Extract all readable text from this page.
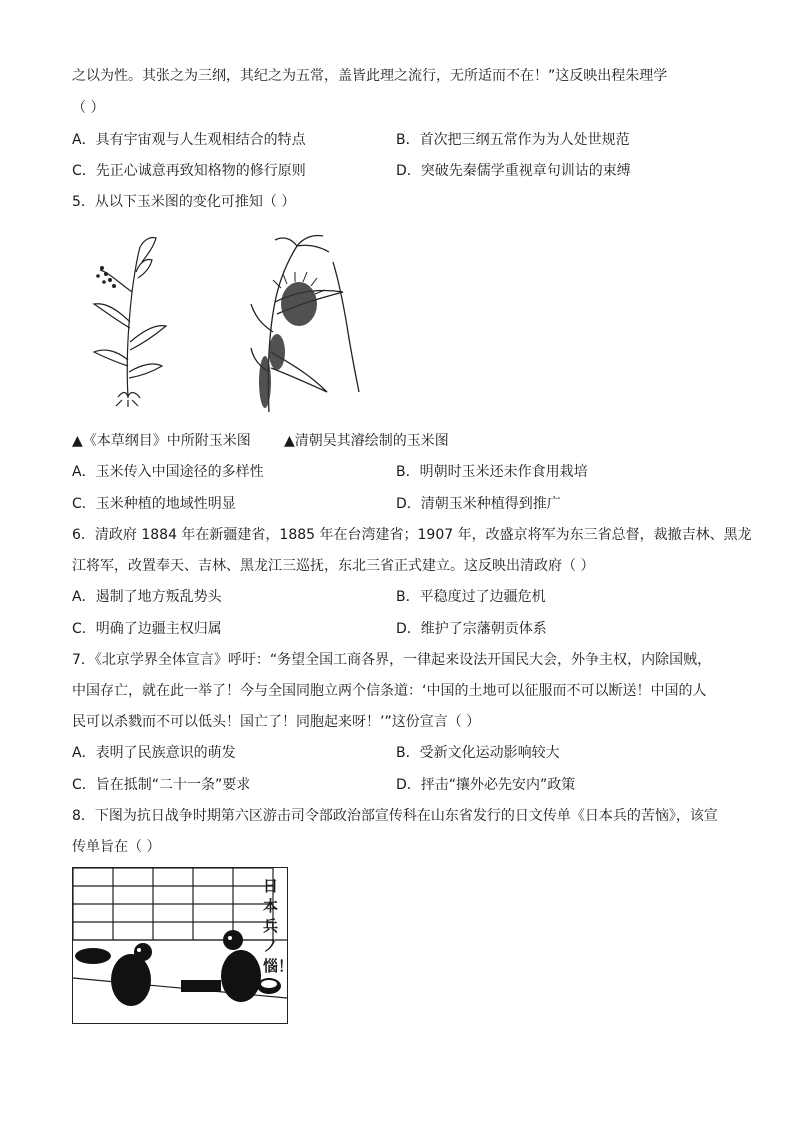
之以为性。其张之为三纲，其纪之为五常，盖皆此理之流行，无所适而不在！”这反映出程朱理学
（ ）
A．具有宇宙观与人生观相结合的特点	B．首次把三纲五常作为为人处世规范
C．先正心诚意再致知格物的修行原则	D．突破先秦儒学重视章句训诂的束缚
5．从以下玉米图的变化可推知（ ）
▲《本草纲目》中所附玉米图 ▲清朝吴其濬绘制的玉米图
A．玉米传入中国途径的多样性	B．明朝时玉米还未作食用栽培
C．玉米种植的地域性明显	D．清朝玉米种植得到推广
6．清政府 1884 年在新疆建省，1885 年在台湾建省；1907 年，改盛京将军为东三省总督，裁撤吉林、黑龙
江将军，改置奉天、吉林、黑龙江三巡抚，东北三省正式建立。这反映出清政府（ ）
A．遏制了地方叛乱势头	B．平稳度过了边疆危机
C．明确了边疆主权归属	D．维护了宗藩朝贡体系
7．《北京学界全体宣言》呼吁：“务望全国工商各界，一律起来设法开国民大会，外争主权，内除国贼，
中国存亡，就在此一举了！今与全国同胞立两个信条道：‘中国的土地可以征服而不可以断送！中国的人
民可以杀戮而不可以低头！国亡了！同胞起来呀！’”这份宣言（ ）
A．表明了民族意识的萌发	B．受新文化运动影响较大
C．旨在抵制“二十一条”要求	D．抨击“攘外必先安内”政策
8．下图为抗日战争时期第六区游击司令部政治部宣传科在山东省发行的日文传单《日本兵的苦恼》，该宣
传单旨在（ ）
日本兵ノ惱！
